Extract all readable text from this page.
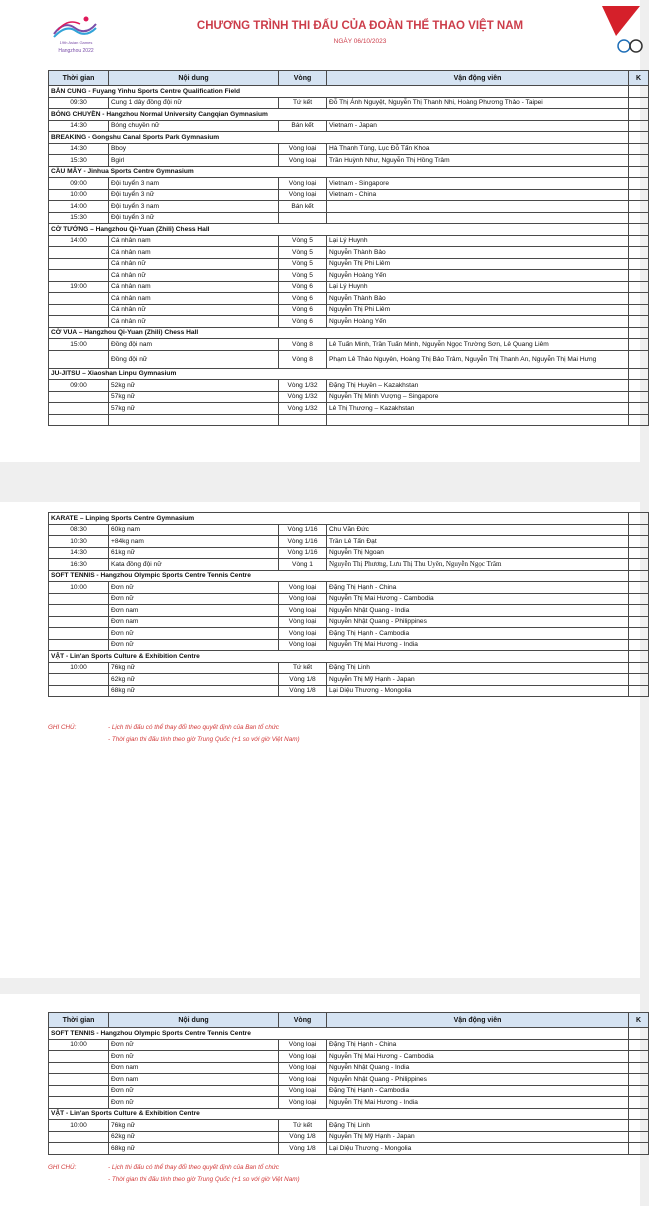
19th Asian Games
Hangzhou 2022
CHƯƠNG TRÌNH THI ĐẤU CỦA ĐOÀN THỂ THAO VIỆT NAM
NGÀY 06/10/2023
Thời gian	Nội dung	Vòng	Vận động viên	K
BẮN CUNG - Fuyang Yinhu Sports Centre Qualification Field				
09:30	Cung 1 dây đồng đội nữ	Tứ kết	Đỗ Thị Ánh Nguyệt, Nguyễn Thị Thanh Nhi, Hoàng Phương Thảo - Taipei	
BÓNG CHUYỀN - Hangzhou Normal University Cangqian Gymnasium				
14:30	Bóng chuyền nữ	Bán kết	Vietnam - Japan	
BREAKING - Gongshu Canal Sports Park Gymnasium				
14:30	Bboy	Vòng loại	Hà Thanh Tùng, Lục Đỗ Tấn Khoa	
15:30	Bgirl	Vòng loại	Trần Huỳnh Như, Nguyễn Thị Hồng Trâm	
CẦU MÂY - Jinhua Sports Centre Gymnasium				
09:00	Đội tuyển 3 nam	Vòng loại	Vietnam - Singapore	
10:00	Đội tuyển 3 nữ	Vòng loại	Vietnam - China	
14:00	Đội tuyển 3 nam	Bán kết		
15:30	Đội tuyển 3 nữ			
CỜ TƯỚNG – Hangzhou Qi-Yuan (Zhili) Chess Hall				
14:00	Cá nhân nam	Vòng 5	Lại Lý Huynh	
	Cá nhân nam	Vòng 5	Nguyễn Thành Bảo	
	Cá nhân nữ	Vòng 5	Nguyễn Thị Phi Liêm	
	Cá nhân nữ	Vòng 5	Nguyễn Hoàng Yến	
19:00	Cá nhân nam	Vòng 6	Lại Lý Huynh	
	Cá nhân nam	Vòng 6	Nguyễn Thành Bảo	
	Cá nhân nữ	Vòng 6	Nguyễn Thị Phi Liêm	
	Cá nhân nữ	Vòng 6	Nguyễn Hoàng Yến	
CỜ VUA – Hangzhou Qi-Yuan (Zhili) Chess Hall				
15:00	Đồng đội nam	Vòng 8	Lê Tuấn Minh, Trần Tuấn Minh, Nguyễn Ngọc Trường Sơn, Lê Quang Liêm	
	Đồng đội nữ	Vòng 8	Phạm Lê Thảo Nguyên, Hoàng Thị Bảo Trâm, Nguyễn Thị Thanh An, Nguyễn Thị Mai Hưng	
JU-JITSU – Xiaoshan Linpu Gymnasium				
09:00	52kg nữ	Vòng 1/32	Đặng Thị Huyền – Kazakhstan	
	57kg nữ	Vòng 1/32	Nguyễn Thị Minh Vượng – Singapore	
	57kg nữ	Vòng 1/32	Lê Thị Thương – Kazakhstan	

KARATE – Linping Sports Centre Gymnasium				
08:30	60kg nam	Vòng 1/16	Chu Văn Đức	
10:30	+84kg nam	Vòng 1/16	Trần Lê Tấn Đạt	
14:30	61kg nữ	Vòng 1/16	Nguyễn Thị Ngoan	
16:30	Kata đồng đội nữ	Vòng 1	Nguyễn Thị Phương, Lưu Thị Thu Uyên, Nguyễn Ngọc Trâm	
SOFT TENNIS - Hangzhou Olympic Sports Centre Tennis Centre				
10:00	Đơn nữ	Vòng loại	Đặng Thị Hạnh - China	
	Đơn nữ	Vòng loại	Nguyễn Thị Mai Hương - Cambodia	
	Đơn nam	Vòng loại	Nguyễn Nhật Quang - India	
	Đơn nam	Vòng loại	Nguyễn Nhật Quang - Philippines	
	Đơn nữ	Vòng loại	Đặng Thị Hạnh - Cambodia	
	Đơn nữ	Vòng loại	Nguyễn Thị Mai Hương - India	
VẬT - Lin'an Sports Culture & Exhibition Centre				
10:00	76kg nữ	Tứ kết	Đặng Thị Linh	
	62kg nữ	Vòng 1/8	Nguyễn Thị Mỹ Hạnh - Japan	
	68kg nữ	Vòng 1/8	Lại Diệu Thương - Mongolia	
GHI CHÚ:	- Lịch thi đấu có thể thay đổi theo quyết định của Ban tổ chức
- Thời gian thi đấu tính theo giờ Trung Quốc (+1 so với giờ Việt Nam)
Thời gian	Nội dung	Vòng	Vận động viên	K
SOFT TENNIS - Hangzhou Olympic Sports Centre Tennis Centre				
10:00	Đơn nữ	Vòng loại	Đặng Thị Hạnh - China	
	Đơn nữ	Vòng loại	Nguyễn Thị Mai Hương - Cambodia	
	Đơn nam	Vòng loại	Nguyễn Nhật Quang - India	
	Đơn nam	Vòng loại	Nguyễn Nhật Quang - Philippines	
	Đơn nữ	Vòng loại	Đặng Thị Hạnh - Cambodia	
	Đơn nữ	Vòng loại	Nguyễn Thị Mai Hương - India	
VẬT - Lin'an Sports Culture & Exhibition Centre				
10:00	76kg nữ	Tứ kết	Đặng Thị Linh	
	62kg nữ	Vòng 1/8	Nguyễn Thị Mỹ Hạnh - Japan	
	68kg nữ	Vòng 1/8	Lại Diệu Thương - Mongolia	
GHI CHÚ:	- Lịch thi đấu có thể thay đổi theo quyết định của Ban tổ chức
- Thời gian thi đấu tính theo giờ Trung Quốc (+1 so với giờ Việt Nam)
